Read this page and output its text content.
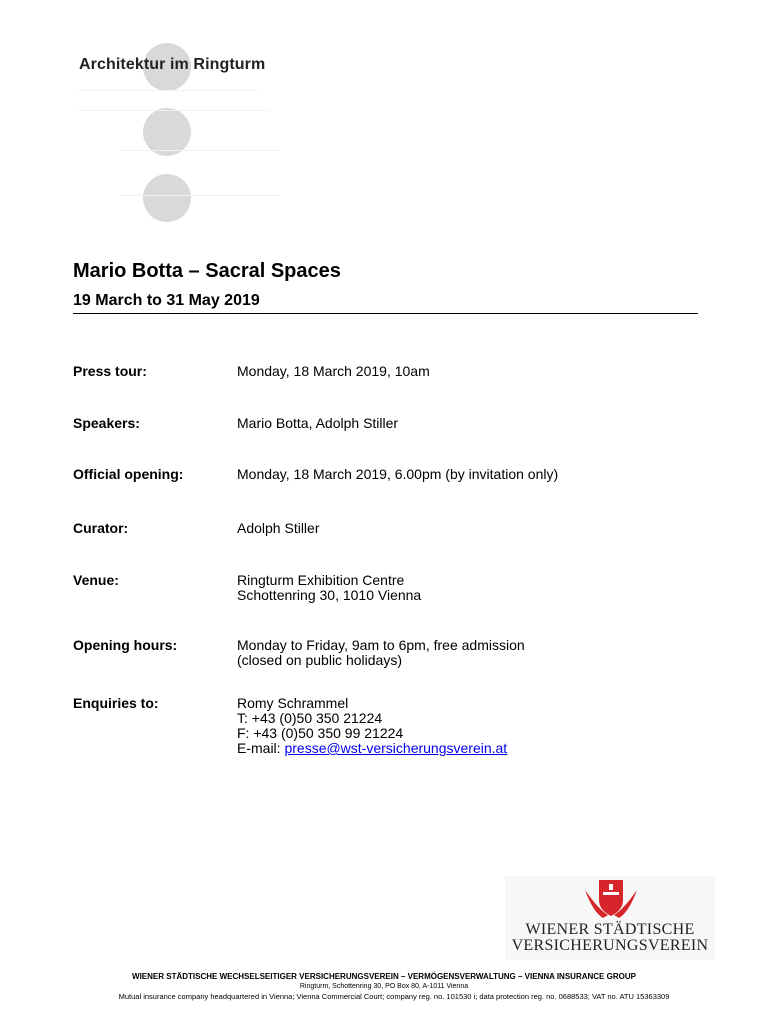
Architektur im Ringturm
Mario Botta – Sacral Spaces
19 March to 31 May 2019
Press tour:	Monday, 18 March 2019, 10am
Speakers:	Mario Botta, Adolph Stiller
Official opening:	Monday, 18 March 2019, 6.00pm (by invitation only)
Curator:	Adolph Stiller
Venue:	Ringturm Exhibition Centre
Schottenring 30, 1010 Vienna
Opening hours:	Monday to Friday, 9am to 6pm, free admission
(closed on public holidays)
Enquiries to:	Romy Schrammel
T: +43 (0)50 350 21224
F: +43 (0)50 350 99 21224
E-mail: presse@wst-versicherungsverein.at
WIENER STÄDTISCHE
VERSICHERUNGSVEREIN
WIENER STÄDTISCHE WECHSELSEITIGER VERSICHERUNGSVEREIN – VERMÖGENSVERWALTUNG – VIENNA INSURANCE GROUP
Ringturm, Schottenring 30, PO Box 80, A-1011 Vienna
Mutual insurance company headquartered in Vienna; Vienna Commercial Court; company reg. no. 101530 i; data protection reg. no. 0688533; VAT no. ATU 15363309
